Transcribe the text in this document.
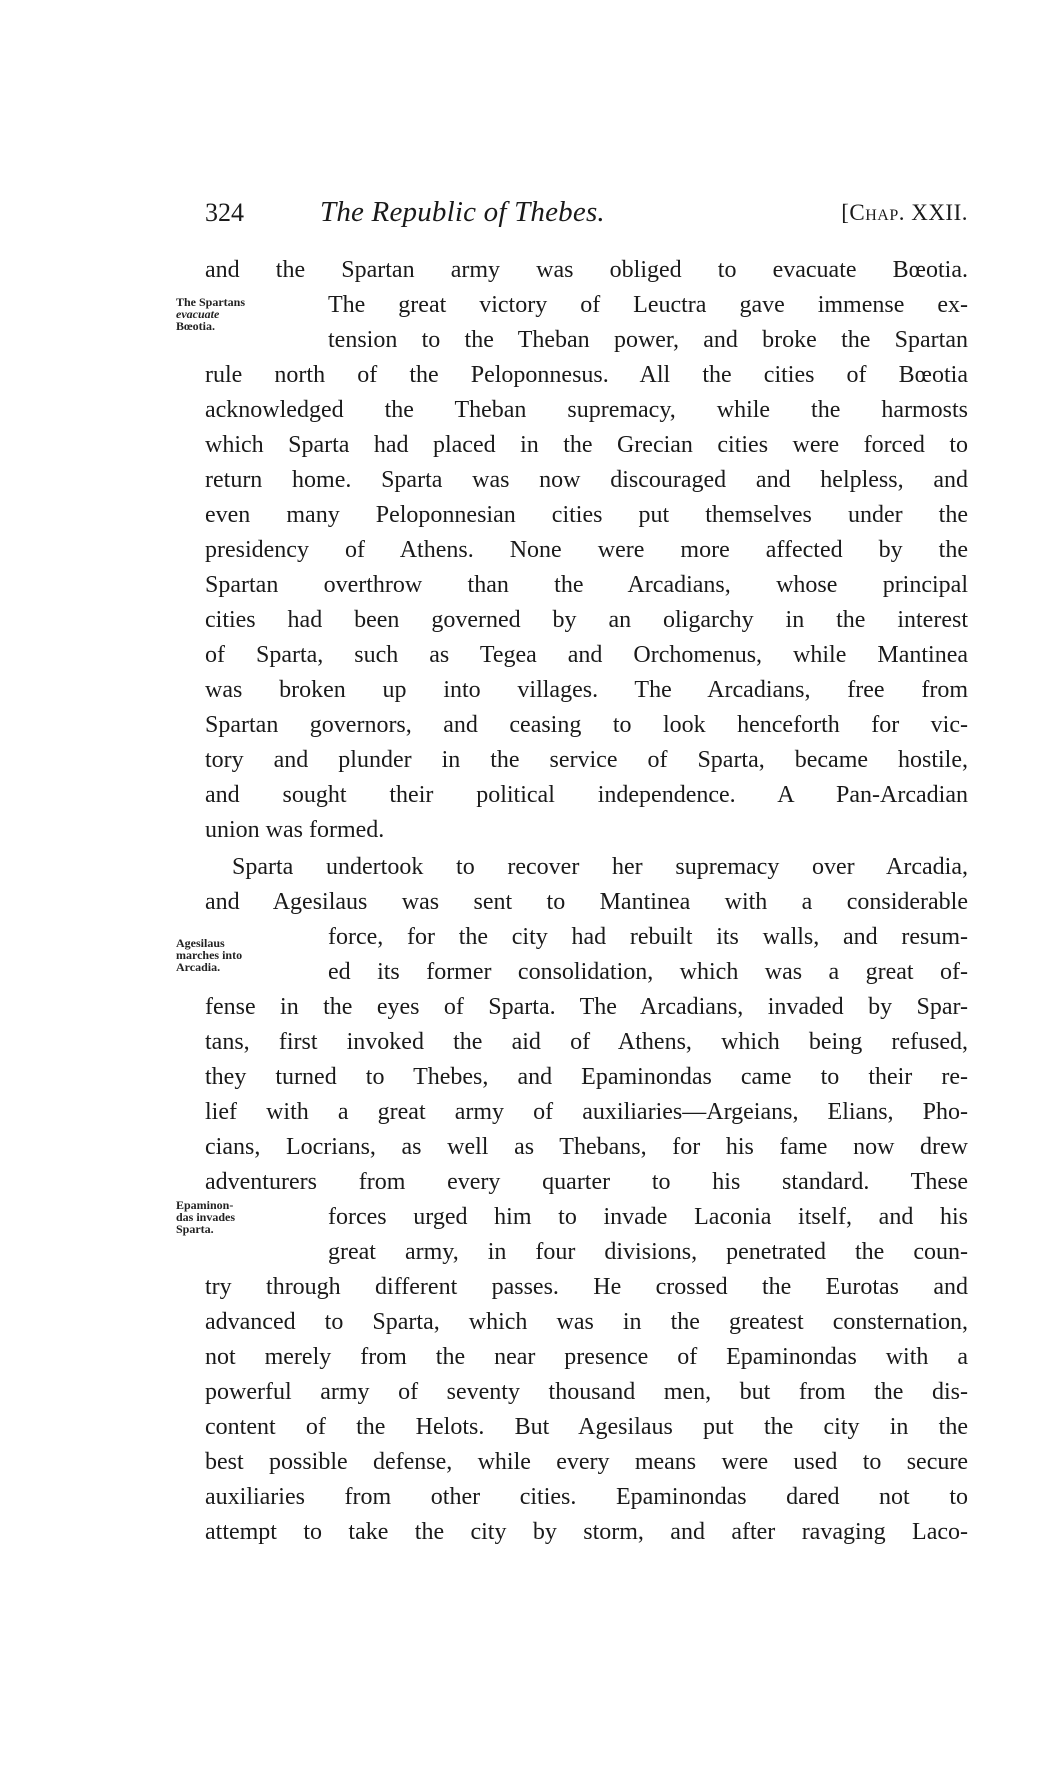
324	The Republic of Thebes.	[Chap. XXII.
The Spartans
evacuate
Bœotia.
Agesilaus
marches into
Arcadia.
Epaminon-
das invades
Sparta.
and the Spartan army was obliged to evacuate Bœotia.
The great victory of Leuctra gave immense ex-
tension to the Theban power, and broke the Spartan
rule north of the Peloponnesus. All the cities of Bœotia
acknowledged the Theban supremacy, while the harmosts
which Sparta had placed in the Grecian cities were forced to
return home. Sparta was now discouraged and helpless, and
even many Peloponnesian cities put themselves under the
presidency of Athens. None were more affected by the
Spartan overthrow than the Arcadians, whose principal
cities had been governed by an oligarchy in the interest
of Sparta, such as Tegea and Orchomenus, while Mantinea
was broken up into villages. The Arcadians, free from
Spartan governors, and ceasing to look henceforth for vic-
tory and plunder in the service of Sparta, became hostile,
and sought their political independence. A Pan-Arcadian
union was formed.
Sparta undertook to recover her supremacy over Arcadia,
and Agesilaus was sent to Mantinea with a considerable
force, for the city had rebuilt its walls, and resum-
ed its former consolidation, which was a great of-
fense in the eyes of Sparta. The Arcadians, invaded by Spar-
tans, first invoked the aid of Athens, which being refused,
they turned to Thebes, and Epaminondas came to their re-
lief with a great army of auxiliaries—Argeians, Elians, Pho-
cians, Locrians, as well as Thebans, for his fame now drew
adventurers from every quarter to his standard. These
forces urged him to invade Laconia itself, and his
great army, in four divisions, penetrated the coun-
try through different passes. He crossed the Eurotas and
advanced to Sparta, which was in the greatest consternation,
not merely from the near presence of Epaminondas with a
powerful army of seventy thousand men, but from the dis-
content of the Helots. But Agesilaus put the city in the
best possible defense, while every means were used to secure
auxiliaries from other cities. Epaminondas dared not to
attempt to take the city by storm, and after ravaging Laco-
